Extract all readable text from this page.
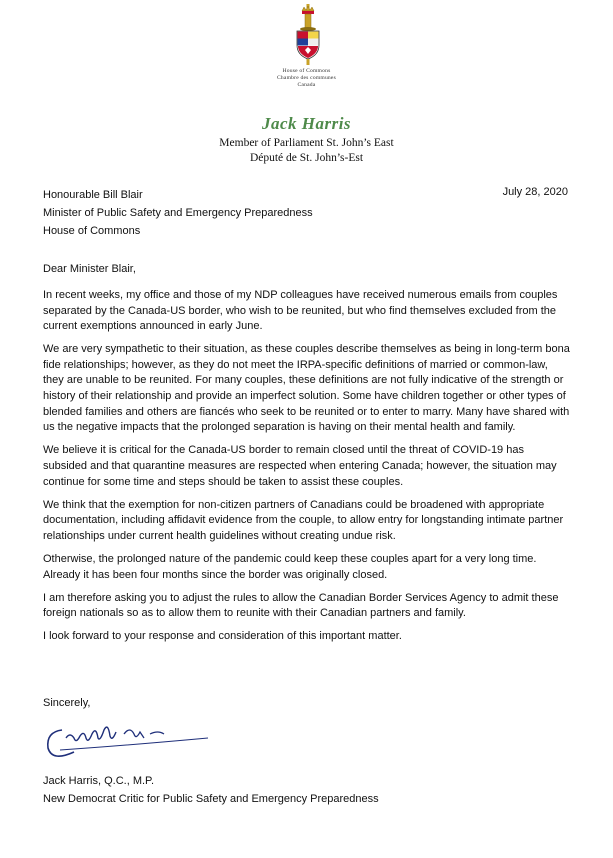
House of Commons
Chambre des communes
Canada
Jack Harris
Member of Parliament St. John’s East
Député de St. John’s-Est
Honourable Bill Blair
Minister of Public Safety and Emergency Preparedness
House of Commons
July 28, 2020
Dear Minister Blair,

In recent weeks, my office and those of my NDP colleagues have received numerous emails from couples separated by the Canada-US border, who wish to be reunited, but who find themselves excluded from the current exemptions announced in early June.

We are very sympathetic to their situation, as these couples describe themselves as being in long-term bona fide relationships; however, as they do not meet the IRPA-specific definitions of married or common-law, they are unable to be reunited. For many couples, these definitions are not fully indicative of the strength or history of their relationship and provide an imperfect solution. Some have children together or other types of blended families and others are fiancés who seek to be reunited or to enter to marry. Many have shared with us the negative impacts that the prolonged separation is having on their mental health and family.

We believe it is critical for the Canada-US border to remain closed until the threat of COVID-19 has subsided and that quarantine measures are respected when entering Canada; however, the situation may continue for some time and steps should be taken to assist these couples.

We think that the exemption for non-citizen partners of Canadians could be broadened with appropriate documentation, including affidavit evidence from the couple, to allow entry for longstanding intimate partner relationships under current health guidelines without creating undue risk.

Otherwise, the prolonged nature of the pandemic could keep these couples apart for a very long time. Already it has been four months since the border was originally closed.

I am therefore asking you to adjust the rules to allow the Canadian Border Services Agency to admit these foreign nationals so as to allow them to reunite with their Canadian partners and family.

I look forward to your response and consideration of this important matter.

Sincerely,
Jack Harris, Q.C., M.P.
New Democrat Critic for Public Safety and Emergency Preparedness
